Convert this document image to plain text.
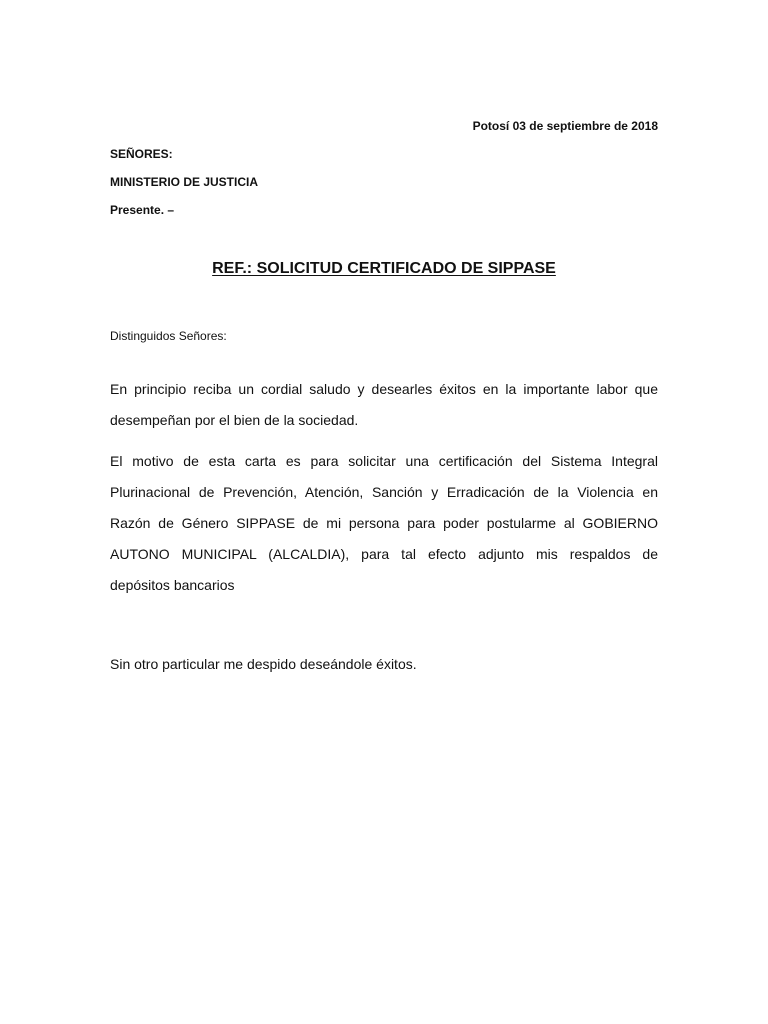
Potosí 03 de septiembre de 2018

SEÑORES:

MINISTERIO DE JUSTICIA

Presente. –

REF.: SOLICITUD CERTIFICADO DE SIPPASE

Distinguidos Señores:

En principio reciba un cordial saludo y desearles éxitos en la importante labor que

desempeñan por el bien de la sociedad.

El motivo de esta carta es para solicitar una certificación del Sistema Integral

Plurinacional de Prevención, Atención, Sanción y Erradicación de la Violencia en

Razón de Género SIPPASE de mi persona para poder postularme al GOBIERNO

AUTONO MUNICIPAL (ALCALDIA), para tal efecto adjunto mis respaldos de

depósitos bancarios

Sin otro particular me despido deseándole éxitos.
